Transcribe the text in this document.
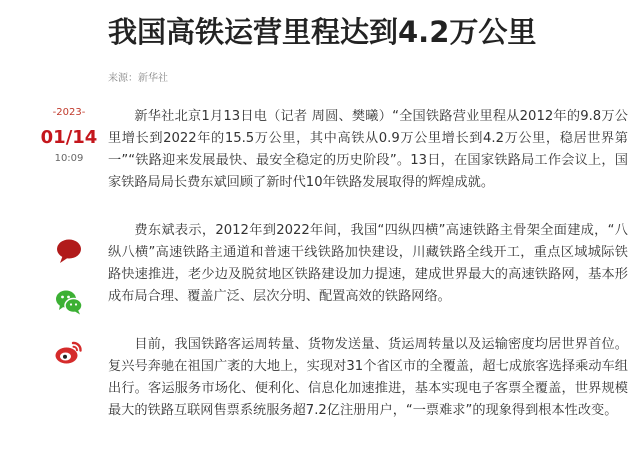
我国高铁运营里程达到4.2万公里
来源：新华社
-2023-
01/14
10:09

新华社北京1月13日电（记者 周圆、樊曦）“全国铁路营业里程从2012年的9.8万公里增长到2022年的15.5万公里，其中高铁从0.9万公里增长到4.2万公里，稳居世界第一”“铁路迎来发展最快、最安全稳定的历史阶段”。13日，在国家铁路局工作会议上，国家铁路局局长费东斌回顾了新时代10年铁路发展取得的辉煌成就。

费东斌表示，2012年到2022年间，我国“四纵四横”高速铁路主骨架全面建成，“八纵八横”高速铁路主通道和普速干线铁路加快建设，川藏铁路全线开工，重点区域城际铁路快速推进，老少边及脱贫地区铁路建设加力提速，建成世界最大的高速铁路网，基本形成布局合理、覆盖广泛、层次分明、配置高效的铁路网络。

目前，我国铁路客运周转量、货物发送量、货运周转量以及运输密度均居世界首位。复兴号奔驰在祖国广袤的大地上，实现对31个省区市的全覆盖，超七成旅客选择乘动车组出行。客运服务市场化、便利化、信息化加速推进，基本实现电子客票全覆盖，世界规模最大的铁路互联网售票系统服务超7.2亿注册用户，“一票难求”的现象得到根本性改变。
